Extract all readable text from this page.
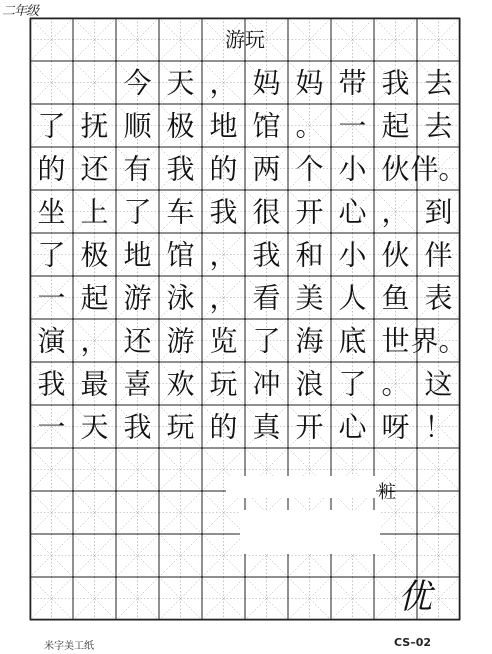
二年级
游玩
今 天 ， 妈 妈 带 我 去
了 抚 顺 极 地 馆 。 一 起 去
的 还 有 我 的 两 个 小 伙 伴。
坐 上 了 车 我 很 开 心 ， 到
了 极 地 馆 ， 我 和 小 伙 伴
一 起 游 泳 ， 看 美 人 鱼 表
演 ， 还 游 览 了 海 底 世 界。
我 最 喜 欢 玩 冲 浪 了 。 这
一 天 我 玩 的 真 开 心 呀 ！
优
粧
米字美工纸	CS–02
